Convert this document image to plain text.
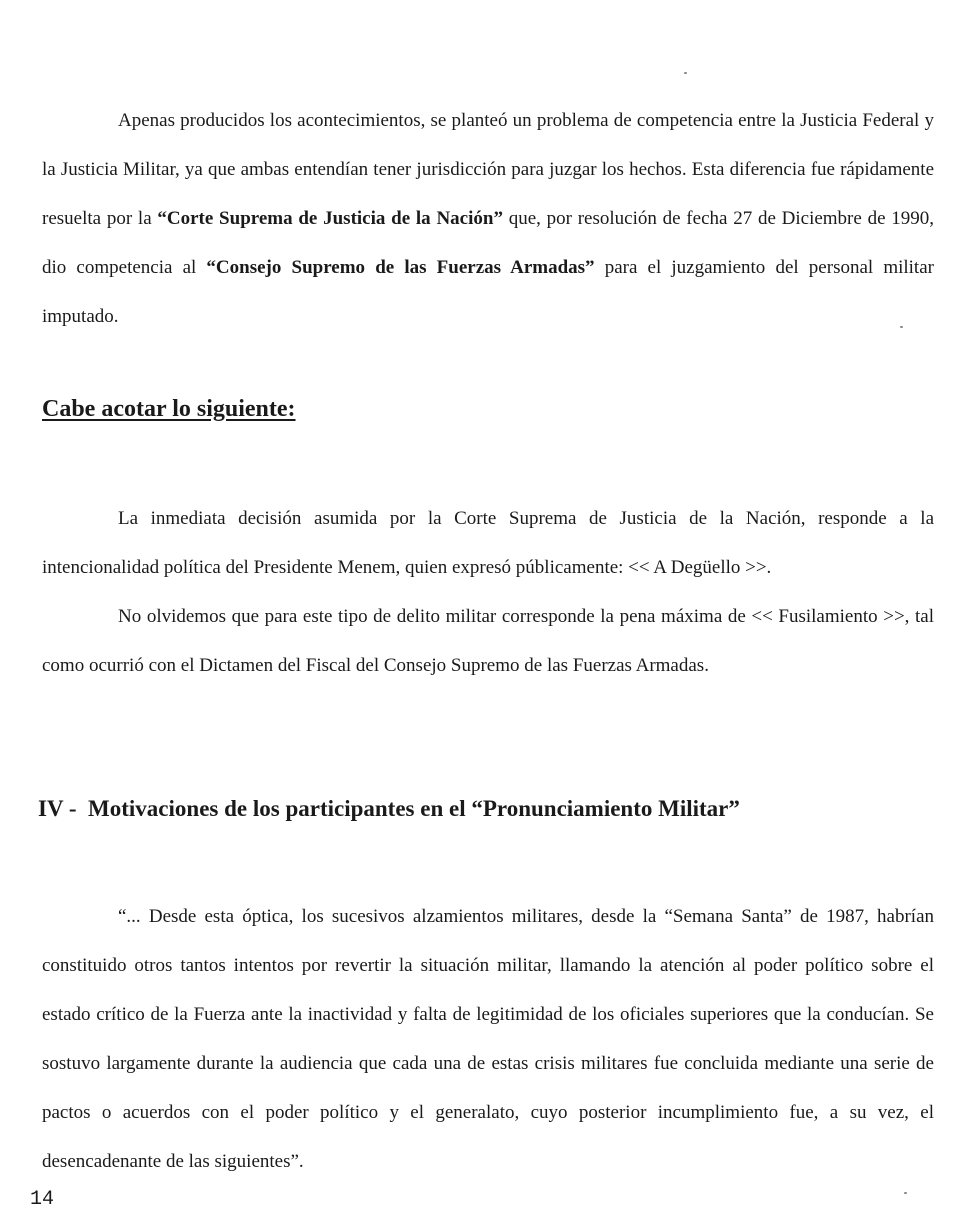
Apenas producidos los acontecimientos, se planteó un problema de competencia entre la Justicia Federal y la Justicia Militar, ya que ambas entendían tener jurisdicción para juzgar los hechos. Esta diferencia fue rápidamente resuelta por la “Corte Suprema de Justicia de la Nación” que, por resolución de fecha 27 de Diciembre de 1990, dio competencia al “Consejo Supremo de las Fuerzas Armadas” para el juzgamiento del personal militar imputado.

Cabe acotar lo siguiente:

La inmediata decisión asumida por la Corte Suprema de Justicia de la Nación, responde a la intencionalidad política del Presidente Menem, quien expresó públicamente: << A Degüello >>.

No olvidemos que para este tipo de delito militar corresponde la pena máxima de << Fusilamiento >>, tal como ocurrió con el Dictamen del Fiscal del Consejo Supremo de las Fuerzas Armadas.

IV -  Motivaciones de los participantes en el “Pronunciamiento Militar”

“... Desde esta óptica, los sucesivos alzamientos militares, desde la “Semana Santa” de 1987, habrían constituido otros tantos intentos por revertir la situación militar, llamando la atención al poder político sobre el estado crítico de la Fuerza ante la inactividad y falta de legitimidad de los oficiales superiores que la conducían. Se sostuvo largamente durante la audiencia que cada una de estas crisis militares fue concluida mediante una serie de pactos o acuerdos con el poder político y el generalato, cuyo posterior incumplimiento fue, a su vez, el desencadenante de las siguientes”.

14
